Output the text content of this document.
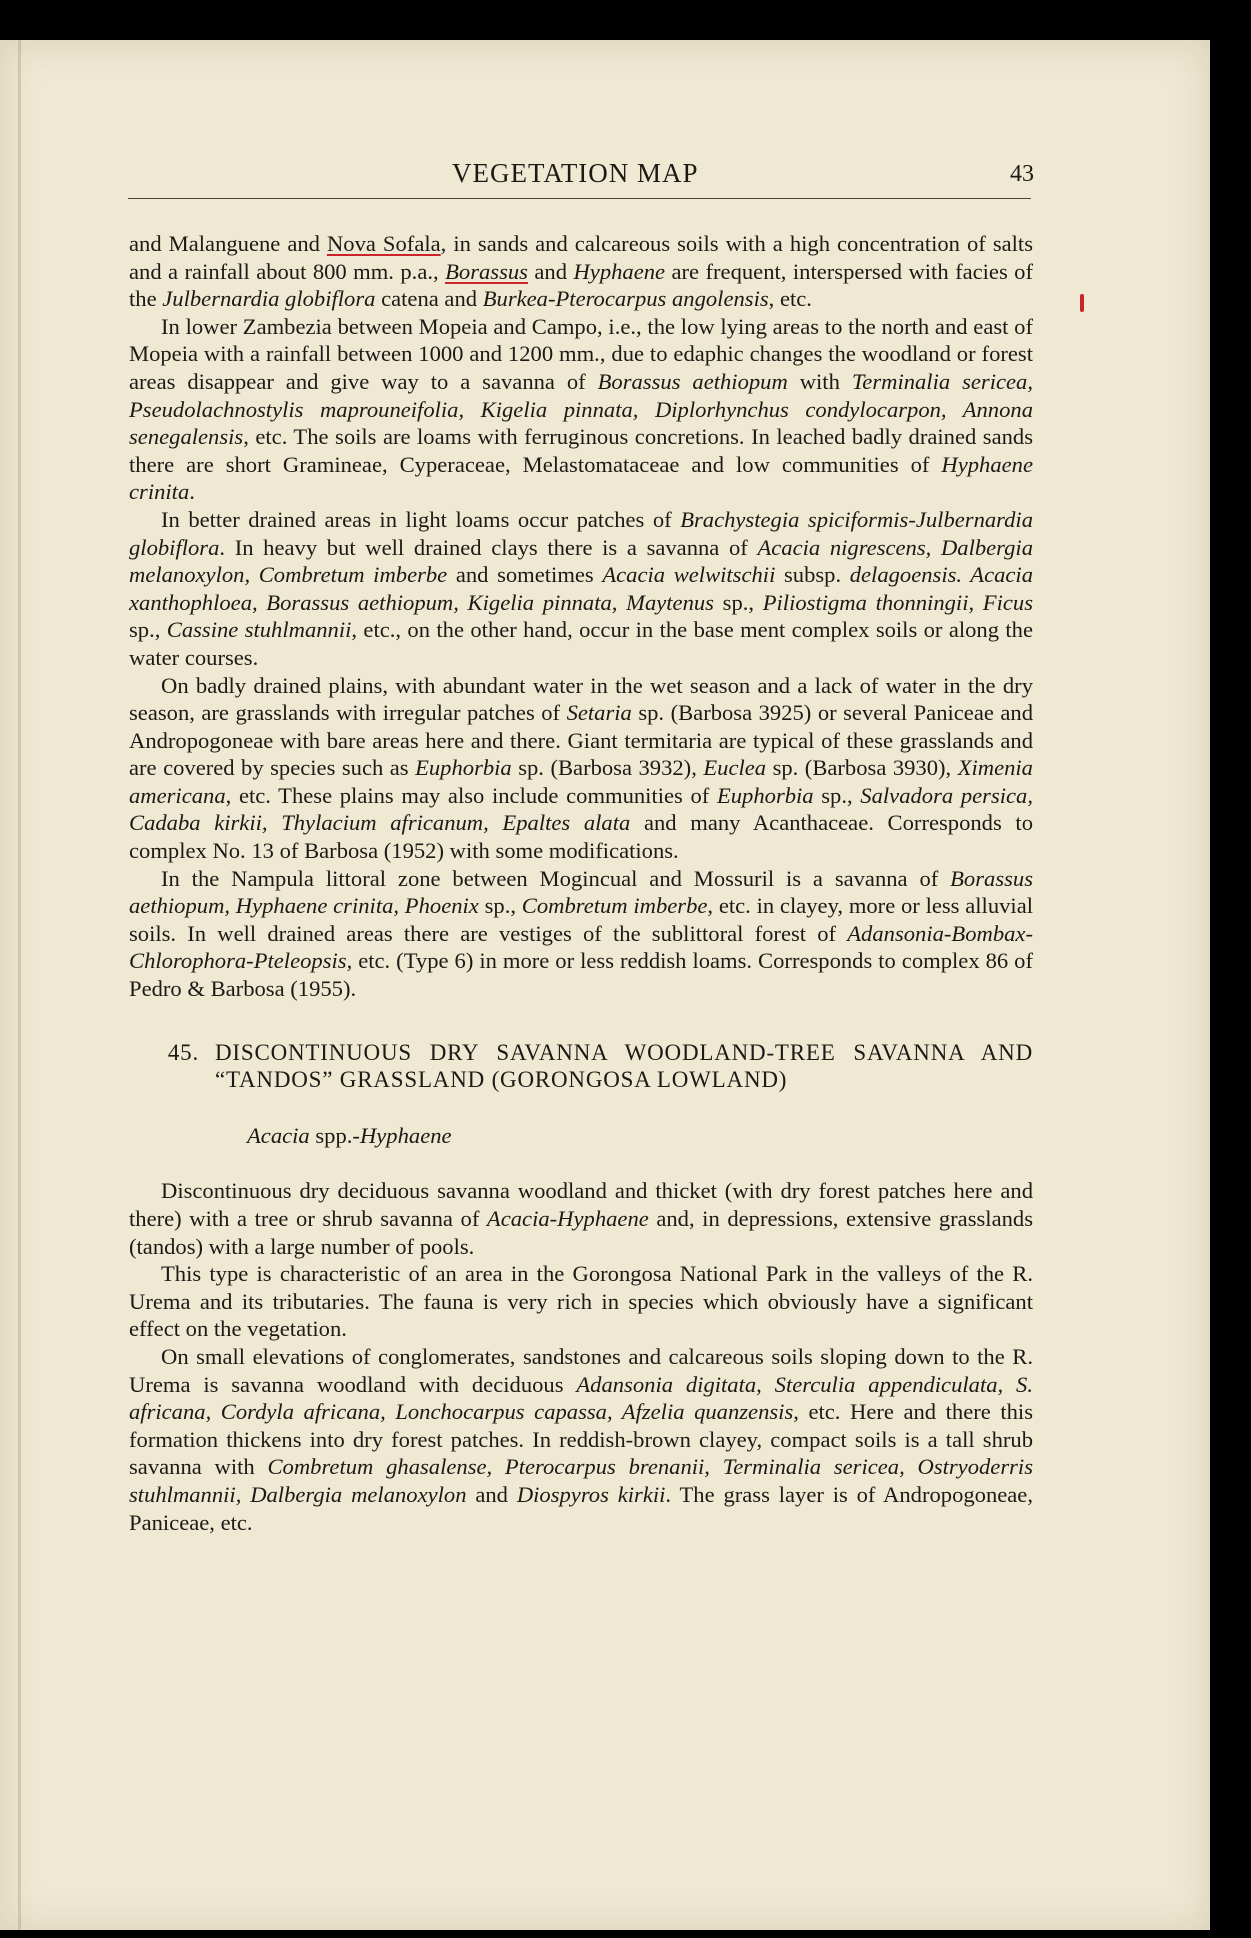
VEGETATION MAP	43

and Malanguene and Nova Sofala, in sands and calcareous soils with a high concentration of salts and a rainfall about 800 mm. p.a., Borassus and Hyphaene are frequent, interspersed with facies of the Julbernardia globiflora catena and Burkea-Pterocarpus angolensis, etc.

In lower Zambezia between Mopeia and Campo, i.e., the low lying areas to the north and east of Mopeia with a rainfall between 1000 and 1200 mm., due to edaphic changes the woodland or forest areas disappear and give way to a savanna of Borassus aethiopum with Terminalia sericea, Pseudolachnostylis maprouneifolia, Kigelia pinnata, Diplorhynchus condylocarpon, Annona senegalensis, etc. The soils are loams with ferruginous concretions. In leached badly drained sands there are short Gramineae, Cyperaceae, Melastomataceae and low communities of Hyphaene crinita.

In better drained areas in light loams occur patches of Brachystegia spiciformis-Julbernardia globiflora. In heavy but well drained clays there is a savanna of Acacia nigrescens, Dalbergia melanoxylon, Combretum imberbe and sometimes Acacia welwitschii subsp. delagoensis. Acacia xanthophloea, Borassus aethiopum, Kigelia pinnata, Maytenus sp., Piliostigma thonningii, Ficus sp., Cassine stuhlmannii, etc., on the other hand, occur in the base ment complex soils or along the water courses.

On badly drained plains, with abundant water in the wet season and a lack of water in the dry season, are grasslands with irregular patches of Setaria sp. (Barbosa 3925) or several Paniceae and Andropogoneae with bare areas here and there. Giant termitaria are typical of these grasslands and are covered by species such as Euphorbia sp. (Barbosa 3932), Euclea sp. (Barbosa 3930), Ximenia americana, etc. These plains may also include communities of Euphorbia sp., Salvadora persica, Cadaba kirkii, Thylacium africanum, Epaltes alata and many Acanthaceae. Corresponds to complex No. 13 of Barbosa (1952) with some modifications.

In the Nampula littoral zone between Mogincual and Mossuril is a savanna of Borassus aethiopum, Hyphaene crinita, Phoenix sp., Combretum imberbe, etc. in clayey, more or less alluvial soils. In well drained areas there are vestiges of the sublittoral forest of Adansonia-Bombax-Chlorophora-Pteleopsis, etc. (Type 6) in more or less reddish loams. Corresponds to complex 86 of Pedro & Barbosa (1955).

45. DISCONTINUOUS DRY SAVANNA WOODLAND-TREE SAVANNA AND “TANDOS” GRASSLAND (GORONGOSA LOWLAND)
Acacia spp.-Hyphaene

Discontinuous dry deciduous savanna woodland and thicket (with dry forest patches here and there) with a tree or shrub savanna of Acacia-Hyphaene and, in depressions, extensive grasslands (tandos) with a large number of pools.

This type is characteristic of an area in the Gorongosa National Park in the valleys of the R. Urema and its tributaries. The fauna is very rich in species which obviously have a significant effect on the vegetation.

On small elevations of conglomerates, sandstones and calcareous soils sloping down to the R. Urema is savanna woodland with deciduous Adansonia digitata, Sterculia appendiculata, S. africana, Cordyla africana, Lonchocarpus capassa, Afzelia quanzensis, etc. Here and there this formation thickens into dry forest patches. In reddish-brown clayey, compact soils is a tall shrub savanna with Combretum ghasalense, Pterocarpus brenanii, Terminalia sericea, Ostryoderris stuhlmannii, Dalbergia melanoxylon and Diospyros kirkii. The grass layer is of Andropogoneae, Paniceae, etc.
